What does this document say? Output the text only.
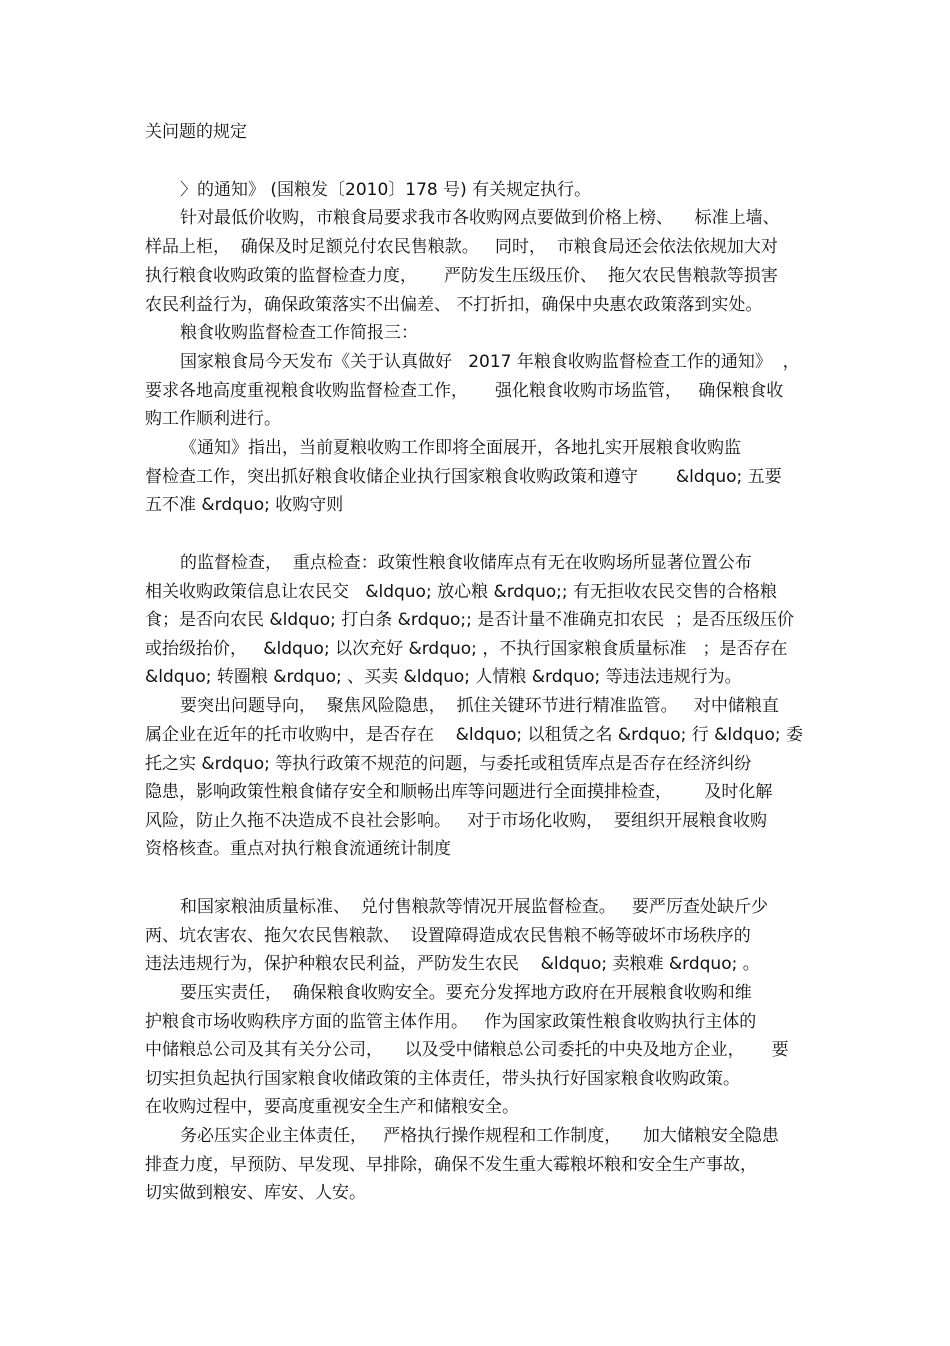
关问题的规定
〉的通知》 (国粮发〔2010〕178 号) 有关规定执行。
针对最低价收购，市粮食局要求我市各收购网点要做到价格上榜、    标准上墙、
样品上柜，  确保及时足额兑付农民售粮款。   同时，  市粮食局还会依法依规加大对
执行粮食收购政策的监督检查力度，     严防发生压级压价、  拖欠农民售粮款等损害
农民利益行为，确保政策落实不出偏差、 不打折扣，确保中央惠农政策落到实处。
粮食收购监督检查工作简报三：
国家粮食局今天发布《关于认真做好   2017 年粮食收购监督检查工作的通知》  ，
要求各地高度重视粮食收购监督检查工作，     强化粮食收购市场监管，   确保粮食收
购工作顺利进行。
《通知》指出，当前夏粮收购工作即将全面展开，各地扎实开展粮食收购监
督检查工作，突出抓好粮食收储企业执行国家粮食收购政策和遵守       &ldquo; 五要
五不准 &rdquo; 收购守则
的监督检查，  重点检查：政策性粮食收储库点有无在收购场所显著位置公布
相关收购政策信息让农民交   &ldquo; 放心粮 &rdquo;; 有无拒收农民交售的合格粮
食；是否向农民 &ldquo; 打白条 &rdquo;; 是否计量不准确克扣农民  ；是否压级压价
或抬级抬价，   &ldquo; 以次充好 &rdquo; ，不执行国家粮食质量标准   ；是否存在
&ldquo; 转圈粮 &rdquo; 、买卖 &ldquo; 人情粮 &rdquo; 等违法违规行为。
要突出问题导向，  聚焦风险隐患，  抓住关键环节进行精准监管。   对中储粮直
属企业在近年的托市收购中，是否存在    &ldquo; 以租赁之名 &rdquo; 行 &ldquo; 委
托之实 &rdquo; 等执行政策不规范的问题，与委托或租赁库点是否存在经济纠纷
隐患，影响政策性粮食储存安全和顺畅出库等问题进行全面摸排检查，      及时化解
风险，防止久拖不决造成不良社会影响。   对于市场化收购，  要组织开展粮食收购
资格核查。重点对执行粮食流通统计制度
和国家粮油质量标准、  兑付售粮款等情况开展监督检查。   要严厉查处缺斤少
两、坑农害农、拖欠农民售粮款、  设置障碍造成农民售粮不畅等破坏市场秩序的
违法违规行为，保护种粮农民利益，严防发生农民    &ldquo; 卖粮难 &rdquo; 。
要压实责任，  确保粮食收购安全。要充分发挥地方政府在开展粮食收购和维
护粮食市场收购秩序方面的监管主体作用。   作为国家政策性粮食收购执行主体的
中储粮总公司及其有关分公司，    以及受中储粮总公司委托的中央及地方企业，     要
切实担负起执行国家粮食收储政策的主体责任，带头执行好国家粮食收购政策。
在收购过程中，要高度重视安全生产和储粮安全。
务必压实企业主体责任，   严格执行操作规程和工作制度，    加大储粮安全隐患
排查力度，早预防、早发现、早排除，确保不发生重大霉粮坏粮和安全生产事故，
切实做到粮安、库安、人安。
